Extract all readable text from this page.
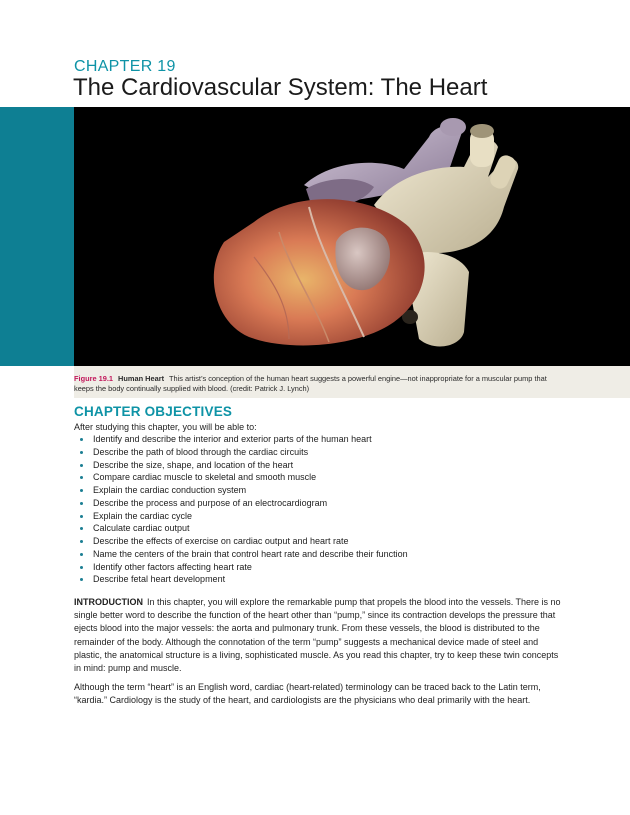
CHAPTER 19
The Cardiovascular System: The Heart
Figure 19.1 Human Heart This artist’s conception of the human heart suggests a powerful engine—not inappropriate for a muscular pump that keeps the body continually supplied with blood. (credit: Patrick J. Lynch)
CHAPTER OBJECTIVES
After studying this chapter, you will be able to:
Identify and describe the interior and exterior parts of the human heart
Describe the path of blood through the cardiac circuits
Describe the size, shape, and location of the heart
Compare cardiac muscle to skeletal and smooth muscle
Explain the cardiac conduction system
Describe the process and purpose of an electrocardiogram
Explain the cardiac cycle
Calculate cardiac output
Describe the effects of exercise on cardiac output and heart rate
Name the centers of the brain that control heart rate and describe their function
Identify other factors affecting heart rate
Describe fetal heart development

INTRODUCTION In this chapter, you will explore the remarkable pump that propels the blood into the vessels. There is no single better word to describe the function of the heart other than “pump,” since its contraction develops the pressure that ejects blood into the major vessels: the aorta and pulmonary trunk. From these vessels, the blood is distributed to the remainder of the body. Although the connotation of the term “pump” suggests a mechanical device made of steel and plastic, the anatomical structure is a living, sophisticated muscle. As you read this chapter, try to keep these twin concepts in mind: pump and muscle.

Although the term “heart” is an English word, cardiac (heart-related) terminology can be traced back to the Latin term, “kardia.” Cardiology is the study of the heart, and cardiologists are the physicians who deal primarily with the heart.
